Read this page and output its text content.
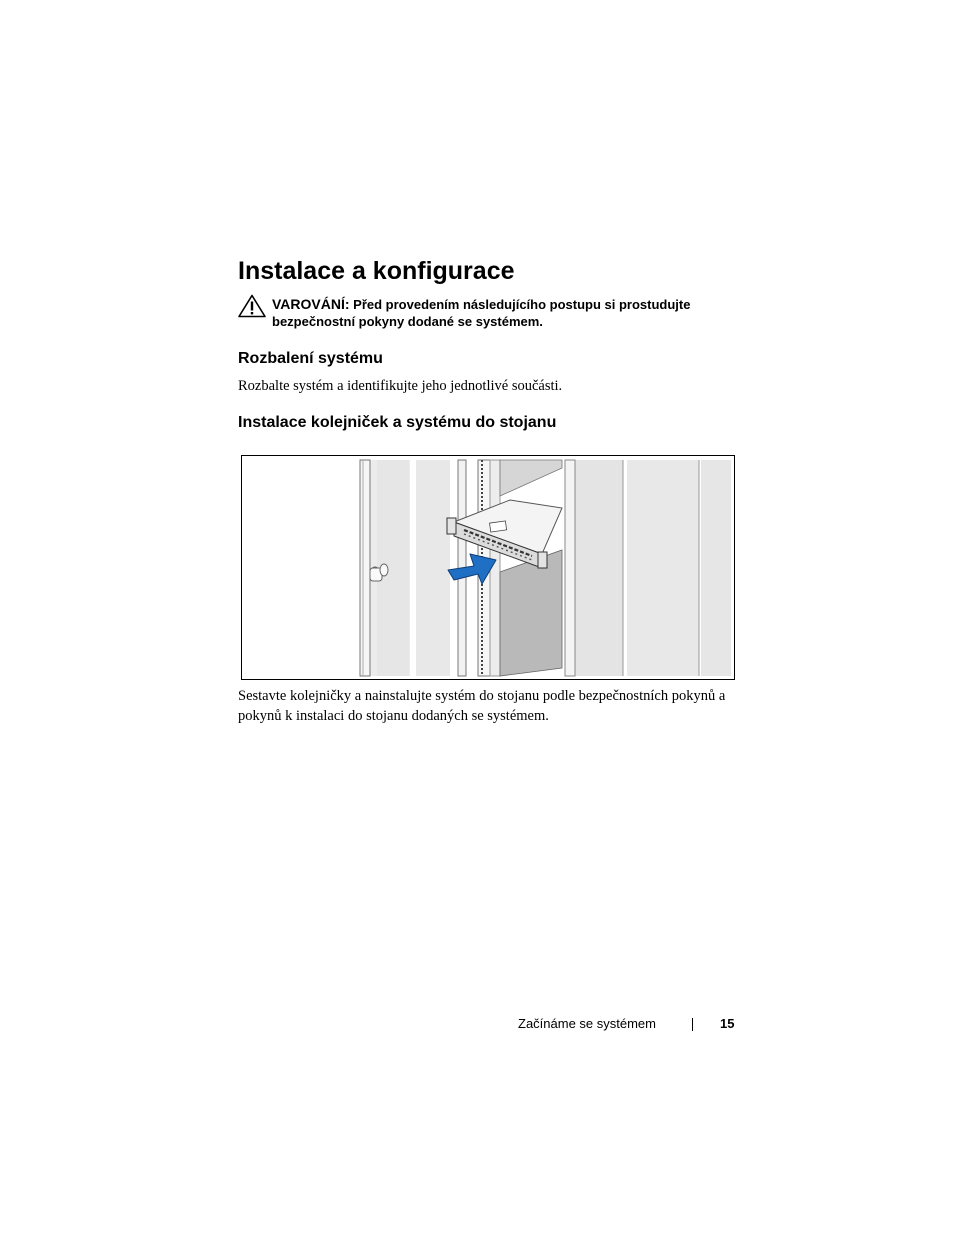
Instalace a konfigurace
VAROVÁNÍ: Před provedením následujícího postupu si prostudujte bezpečnostní pokyny dodané se systémem.
Rozbalení systému

Rozbalte systém a identifikujte jeho jednotlivé součásti.

Instalace kolejniček a systému do stojanu

Sestavte kolejničky a nainstalujte systém do stojanu podle bezpečnostních pokynů a pokynů k instalaci do stojanu dodaných se systémem.

Začínáme se systémem	15
